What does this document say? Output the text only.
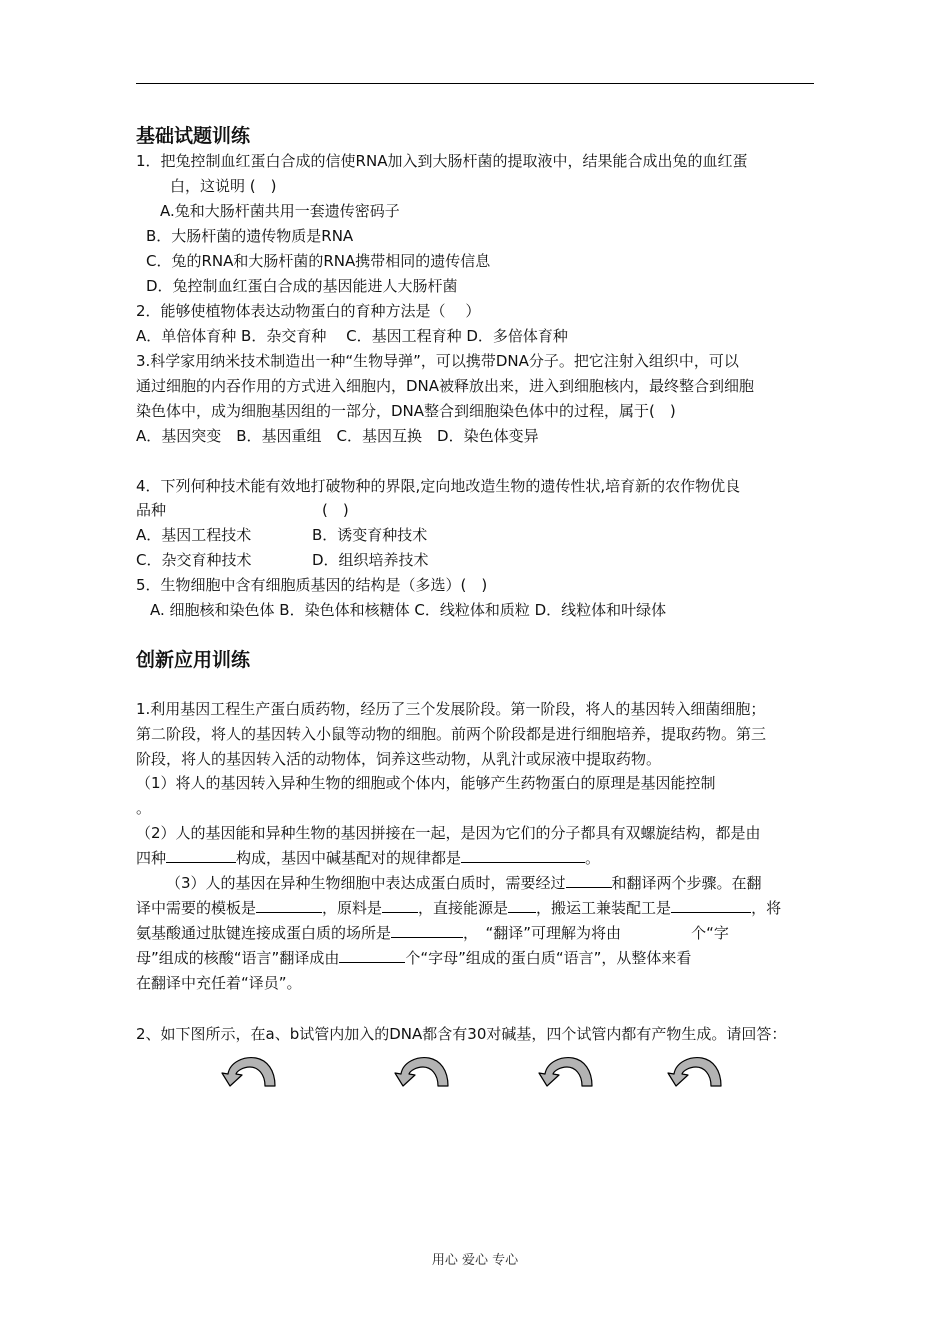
基础试题训练
1．把兔控制血红蛋白合成的信使RNA加入到大肠杆菌的提取液中，结果能合成出兔的血红蛋
白，这说明 (　)
A.兔和大肠杆菌共用一套遗传密码子
B．大肠杆菌的遗传物质是RNA
C．兔的RNA和大肠杆菌的RNA携带相同的遗传信息
D．兔控制血红蛋白合成的基因能进人大肠杆菌
2．能够使植物体表达动物蛋白的育种方法是（　 ）
A．单倍体育种 B．杂交育种　 C．基因工程育种 D．多倍体育种
3.科学家用纳米技术制造出一种“生物导弹”，可以携带DNA分子。把它注射入组织中，可以
通过细胞的内吞作用的方式进入细胞内，DNA被释放出来，进入到细胞核内，最终整合到细胞
染色体中，成为细胞基因组的一部分，DNA整合到细胞染色体中的过程，属于(　)
A．基因突变　B．基因重组　C．基因互换　D．染色体变异
4．下列何种技术能有效地打破物种的界限,定向地改造生物的遗传性状,培育新的农作物优良
品种	(　)
A．基因工程技术	B．诱变育种技术
C．杂交育种技术	D．组织培养技术
5．生物细胞中含有细胞质基因的结构是（多选）(　)
A. 细胞核和染色体 B．染色体和核糖体 C．线粒体和质粒 D．线粒体和叶绿体
创新应用训练
1.利用基因工程生产蛋白质药物，经历了三个发展阶段。第一阶段，将人的基因转入细菌细胞；
第二阶段，将人的基因转入小鼠等动物的细胞。前两个阶段都是进行细胞培养，提取药物。第三
阶段，将人的基因转入活的动物体，饲养这些动物，从乳汁或尿液中提取药物。
（1）将人的基因转入异种生物的细胞或个体内，能够产生药物蛋白的原理是基因能控制
。
（2）人的基因能和异种生物的基因拼接在一起，是因为它们的分子都具有双螺旋结构，都是由
四种	构成，基因中碱基配对的规律都是	。
（3）人的基因在异种生物细胞中表达成蛋白质时，需要经过	和翻译两个步骤。在翻
译中需要的模板是	，原料是 ，直接能源是 ，搬运工兼装配工是	，将
氨基酸通过肽键连接成蛋白质的场所是	，　“翻译”可理解为将由	个“字
母”组成的核酸“语言”翻译成由	个“字母”组成的蛋白质“语言”，从整体来看
在翻译中充任着“译员”。
2、如下图所示，在a、b试管内加入的DNA都含有30对碱基，四个试管内都有产物生成。请回答：
用心 爱心 专心
